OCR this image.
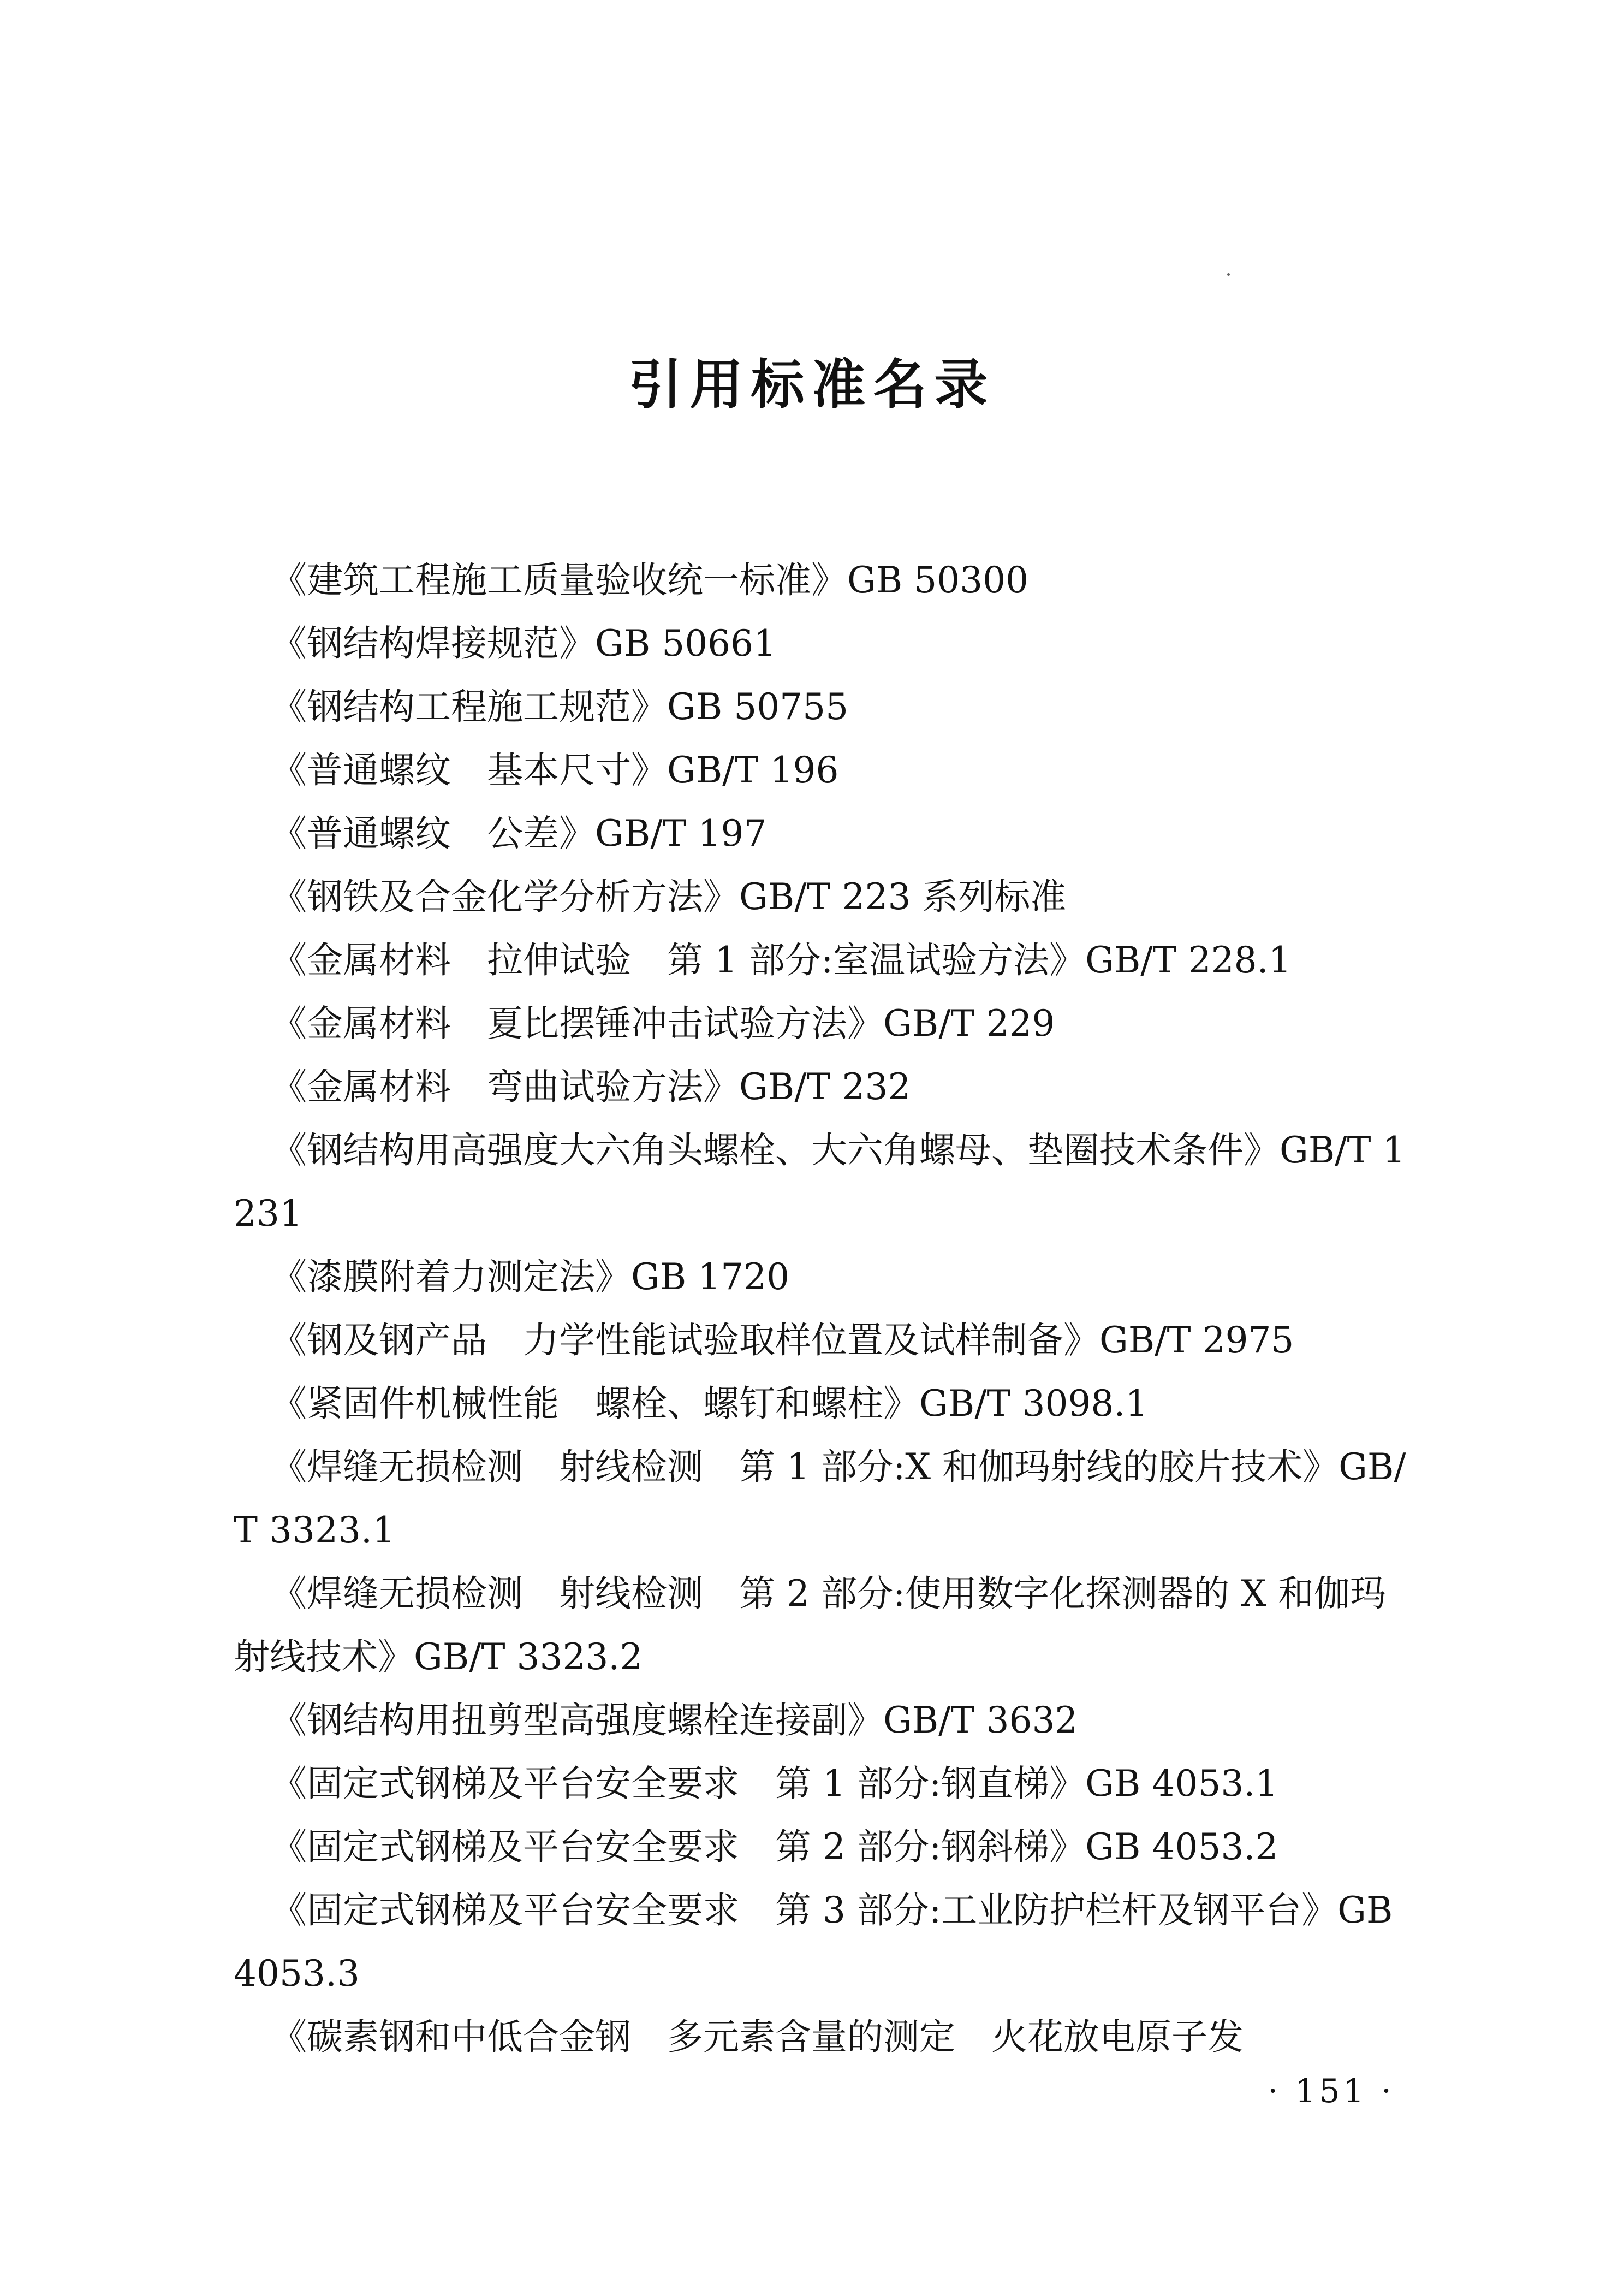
引用标准名录
《建筑工程施工质量验收统一标准》GB 50300
《钢结构焊接规范》GB 50661
《钢结构工程施工规范》GB 50755
《普通螺纹　基本尺寸》GB/T 196
《普通螺纹　公差》GB/T 197
《钢铁及合金化学分析方法》GB/T 223 系列标准
《金属材料　拉伸试验　第 1 部分:室温试验方法》GB/T 228.1
《金属材料　夏比摆锤冲击试验方法》GB/T 229
《金属材料　弯曲试验方法》GB/T 232
《钢结构用高强度大六角头螺栓、大六角螺母、垫圈技术条件》GB/T 1231
《漆膜附着力测定法》GB 1720
《钢及钢产品　力学性能试验取样位置及试样制备》GB/T 2975
《紧固件机械性能　螺栓、螺钉和螺柱》GB/T 3098.1
《焊缝无损检测　射线检测　第 1 部分:X 和伽玛射线的胶片技术》GB/T 3323.1
《焊缝无损检测　射线检测　第 2 部分:使用数字化探测器的 X 和伽玛射线技术》GB/T 3323.2
《钢结构用扭剪型高强度螺栓连接副》GB/T 3632
《固定式钢梯及平台安全要求　第 1 部分:钢直梯》GB 4053.1
《固定式钢梯及平台安全要求　第 2 部分:钢斜梯》GB 4053.2
《固定式钢梯及平台安全要求　第 3 部分:工业防护栏杆及钢平台》GB 4053.3
《碳素钢和中低合金钢　多元素含量的测定　火花放电原子发
· 151 ·
